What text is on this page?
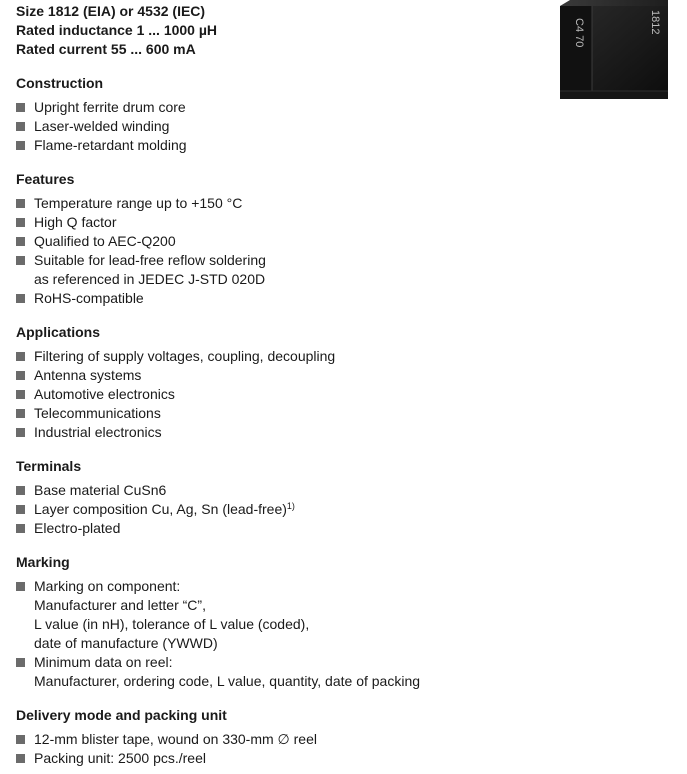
C4 70	1812
Size 1812 (EIA) or 4532 (IEC)
Rated inductance 1 ... 1000 µH
Rated current 55 ... 600 mA
Construction
Upright ferrite drum core
Laser-welded winding
Flame-retardant molding
Features
Temperature range up to +150 °C
High Q factor
Qualified to AEC-Q200
Suitable for lead-free reflow soldering
as referenced in JEDEC J-STD 020D
RoHS-compatible
Applications
Filtering of supply voltages, coupling, decoupling
Antenna systems
Automotive electronics
Telecommunications
Industrial electronics
Terminals
Base material CuSn6
Layer composition Cu, Ag, Sn (lead-free)$^{1)}$
Electro-plated
Marking
Marking on component:
Manufacturer and letter “C”,
L value (in nH), tolerance of L value (coded),
date of manufacture (YWWD)
Minimum data on reel:
Manufacturer, ordering code, L value, quantity, date of packing
Delivery mode and packing unit
12-mm blister tape, wound on 330-mm ∅ reel
Packing unit: 2500 pcs./reel
